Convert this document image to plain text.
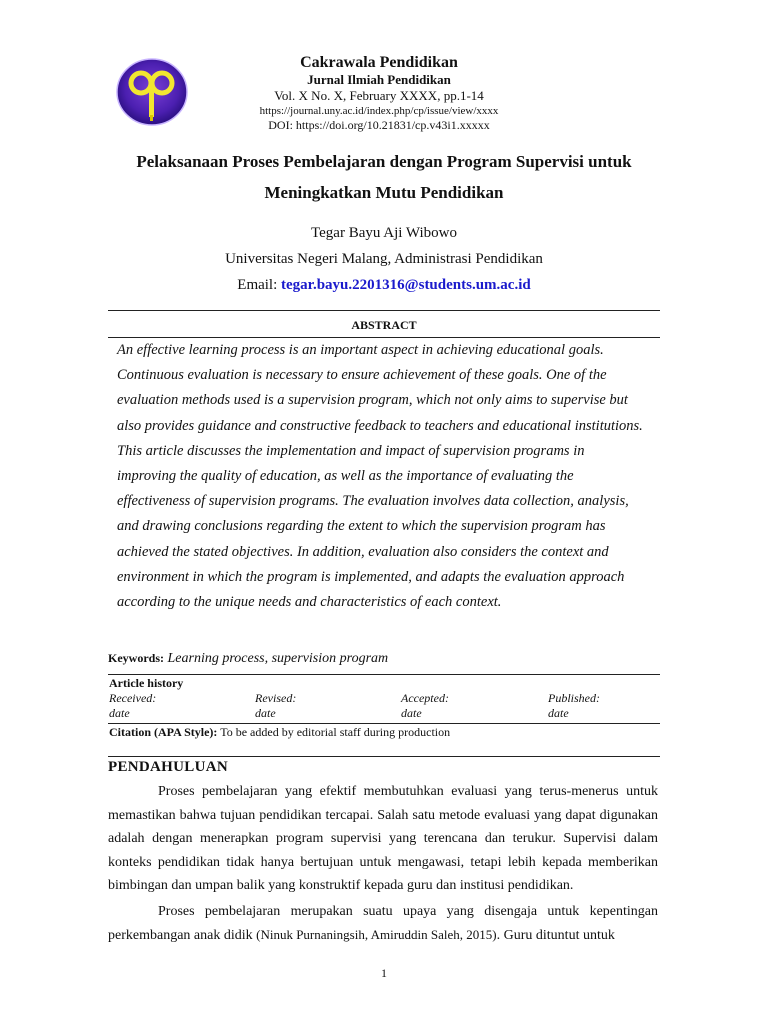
Cakrawala Pendidikan
Jurnal Ilmiah Pendidikan
Vol. X No. X, February XXXX, pp.1-14
https://journal.uny.ac.id/index.php/cp/issue/view/xxxx
DOI: https://doi.org/10.21831/cp.v43i1.xxxxx
Pelaksanaan Proses Pembelajaran dengan Program Supervisi untuk
Meningkatkan Mutu Pendidikan
Tegar Bayu Aji Wibowo
Universitas Negeri Malang, Administrasi Pendidikan
Email: tegar.bayu.2201316@students.um.ac.id
ABSTRACT
An effective learning process is an important aspect in achieving educational goals. Continuous evaluation is necessary to ensure achievement of these goals. One of the evaluation methods used is a supervision program, which not only aims to supervise but also provides guidance and constructive feedback to teachers and educational institutions. This article discusses the implementation and impact of supervision programs in improving the quality of education, as well as the importance of evaluating the effectiveness of supervision programs. The evaluation involves data collection, analysis, and drawing conclusions regarding the extent to which the supervision program has achieved the stated objectives. In addition, evaluation also considers the context and environment in which the program is implemented, and adapts the evaluation approach according to the unique needs and characteristics of each context.
Keywords: Learning process, supervision program
Article history
Received:
date
Revised:
date
Accepted:
date
Published:
date
Citation (APA Style): To be added by editorial staff during production
PENDAHULUAN

Proses pembelajaran yang efektif membutuhkan evaluasi yang terus-menerus untuk memastikan bahwa tujuan pendidikan tercapai. Salah satu metode evaluasi yang dapat digunakan adalah dengan menerapkan program supervisi yang terencana dan terukur. Supervisi dalam konteks pendidikan tidak hanya bertujuan untuk mengawasi, tetapi lebih kepada memberikan bimbingan dan umpan balik yang konstruktif kepada guru dan institusi pendidikan.

Proses pembelajaran merupakan suatu upaya yang disengaja untuk kepentingan perkembangan anak didik (Ninuk Purnaningsih, Amiruddin Saleh, 2015). Guru dituntut untuk

1
